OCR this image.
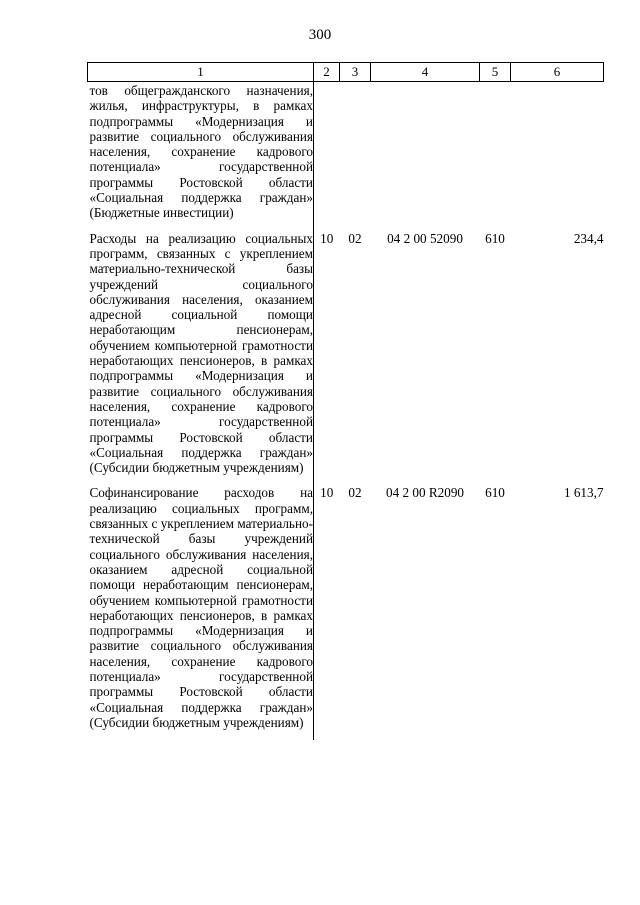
300
1	2	3	4	5	6
тов общегражданского назначения, жилья, инфраструктуры, в рамках подпрограммы «Модернизация и развитие социального обслуживания населения, сохранение кадрового потенциала» государственной программы Ростовской области «Социальная поддержка граждан» (Бюджетные инвестиции)					
Расходы на реализацию социальных программ, связанных с укреплением материально-технической базы учреждений социального обслуживания населения, оказанием адресной социальной помощи неработающим пенсионерам, обучением компьютерной грамотности неработающих пенсионеров, в рамках подпрограммы «Модернизация и развитие социального обслуживания населения, сохранение кадрового потенциала» государственной программы Ростовской области «Социальная поддержка граждан» (Субсидии бюджетным учреждениям)	10	02	04 2 00 52090	610	234,4
Софинансирование расходов на реализацию социальных программ, связанных с укреплением материально-технической базы учреждений социального обслуживания населения, оказанием адресной социальной помощи неработающим пенсионерам, обучением компьютерной грамотности неработающих пенсионеров, в рамках подпрограммы «Модернизация и развитие социального обслуживания населения, сохранение кадрового потенциала» государственной программы Ростовской области «Социальная поддержка граждан» (Субсидии бюджетным учреждениям)	10	02	04 2 00 R2090	610	1 613,7
